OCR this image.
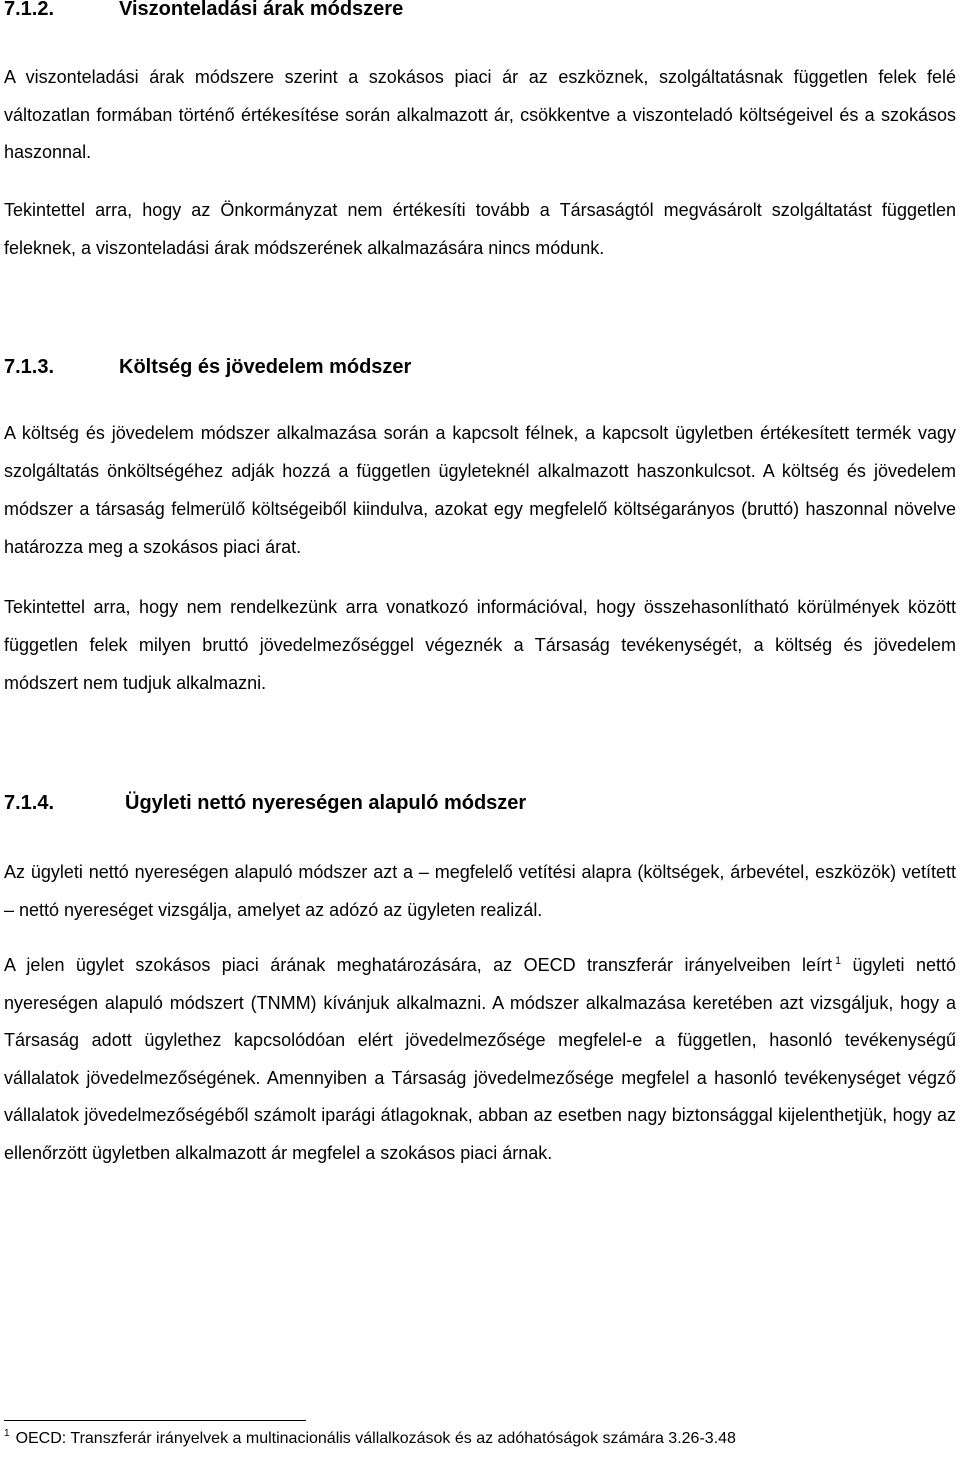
7.1.2.	Viszonteladási árak módszere

A viszonteladási árak módszere szerint a szokásos piaci ár az eszköznek, szolgáltatásnak független felek felé változatlan formában történő értékesítése során alkalmazott ár, csökkentve a viszonteladó költségeivel és a szokásos haszonnal.

Tekintettel arra, hogy az Önkormányzat nem értékesíti tovább a Társaságtól megvásárolt szolgáltatást független feleknek, a viszonteladási árak módszerének alkalmazására nincs módunk.

7.1.3.	Költség és jövedelem módszer

A költség és jövedelem módszer alkalmazása során a kapcsolt félnek, a kapcsolt ügyletben értékesített termék vagy szolgáltatás önköltségéhez adják hozzá a független ügyleteknél alkalmazott haszonkulcsot. A költség és jövedelem módszer a társaság felmerülő költségeiből kiindulva, azokat egy megfelelő költségarányos (bruttó) haszonnal növelve határozza meg a szokásos piaci árat.

Tekintettel arra, hogy nem rendelkezünk arra vonatkozó információval, hogy összehasonlítható körülmények között független felek milyen bruttó jövedelmezőséggel végeznék a Társaság tevékenységét, a költség és jövedelem módszert nem tudjuk alkalmazni.

7.1.4.	Ügyleti nettó nyereségen alapuló módszer

Az ügyleti nettó nyereségen alapuló módszer azt a – megfelelő vetítési alapra (költségek, árbevétel, eszközök) vetített – nettó nyereséget vizsgálja, amelyet az adózó az ügyleten realizál.

A jelen ügylet szokásos piaci árának meghatározására, az OECD transzferár irányelveiben leírt $^1$ ügyleti nettó nyereségen alapuló módszert (TNMM) kívánjuk alkalmazni. A módszer alkalmazása keretében azt vizsgáljuk, hogy a Társaság adott ügylethez kapcsolódóan elért jövedelmezősége megfelel-e a független, hasonló tevékenységű vállalatok jövedelmezőségének. Amennyiben a Társaság jövedelmezősége megfelel a hasonló tevékenységet végző vállalatok jövedelmezőségéből számolt iparági átlagoknak, abban az esetben nagy biztonsággal kijelenthetjük, hogy az ellenőrzött ügyletben alkalmazott ár megfelel a szokásos piaci árnak.

$^1$ OECD: Transzferár irányelvek a multinacionális vállalkozások és az adóhatóságok számára 3.26-3.48
